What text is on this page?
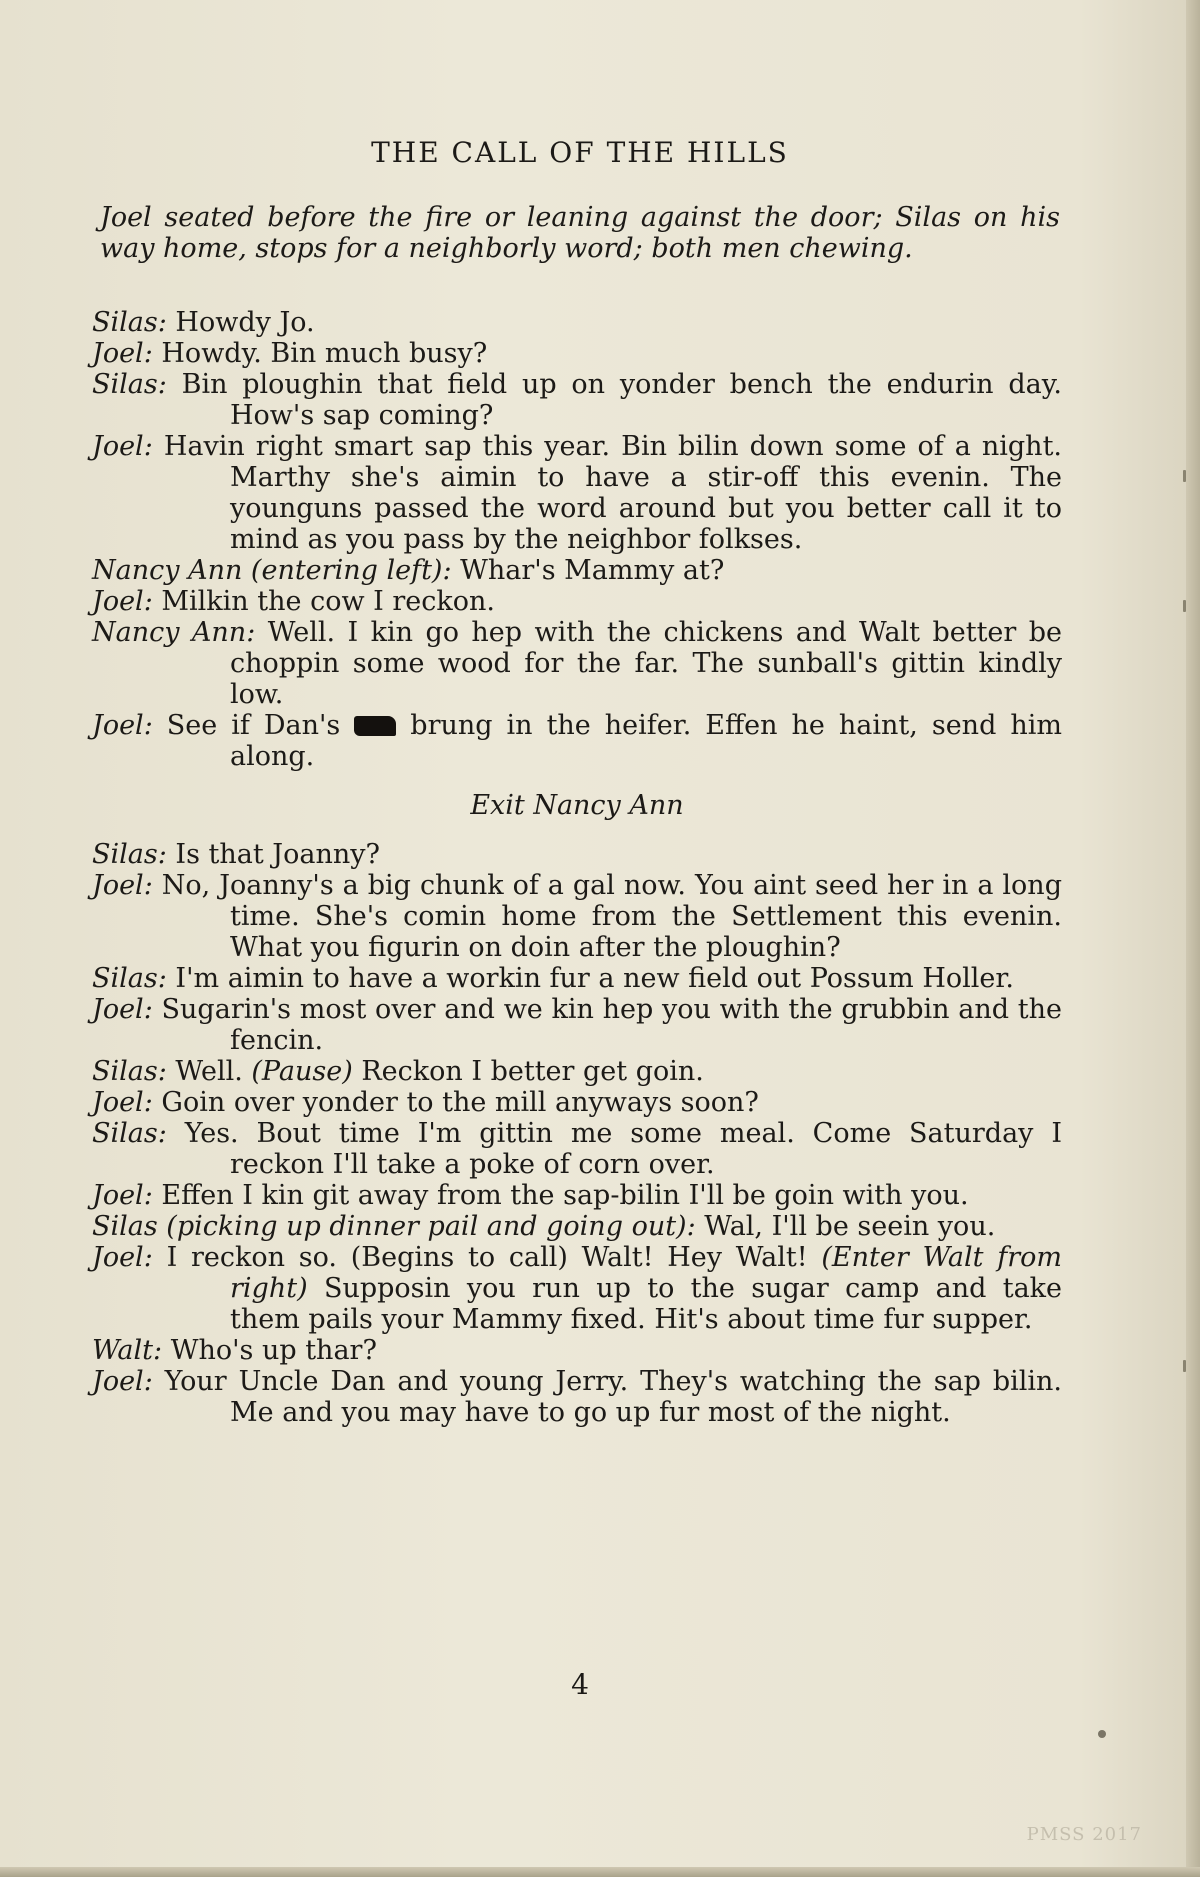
THE CALL OF THE HILLS
Joel seated before the fire or leaning against the door; Silas on his way home, stops for a neighborly word; both men chewing.
Silas: Howdy Jo.
Joel: Howdy. Bin much busy?
Silas: Bin ploughin that field up on yonder bench the endurin day. How's sap coming?
Joel: Havin right smart sap this year. Bin bilin down some of a night. Marthy she's aimin to have a stir-off this evenin. The younguns passed the word around but you better call it to mind as you pass by the neighbor folkses.
Nancy Ann (entering left): Whar's Mammy at?
Joel: Milkin the cow I reckon.
Nancy Ann: Well. I kin go hep with the chickens and Walt better be choppin some wood for the far. The sunball's gittin kindly low.
Joel: See if Dan's  brung in the heifer. Effen he haint, send him along.
Exit Nancy Ann
Silas: Is that Joanny?
Joel: No, Joanny's a big chunk of a gal now. You aint seed her in a long time. She's comin home from the Settlement this evenin. What you figurin on doin after the ploughin?
Silas: I'm aimin to have a workin fur a new field out Possum Holler.
Joel: Sugarin's most over and we kin hep you with the grubbin and the fencin.
Silas: Well. (Pause) Reckon I better get goin.
Joel: Goin over yonder to the mill anyways soon?
Silas: Yes. Bout time I'm gittin me some meal. Come Saturday I reckon I'll take a poke of corn over.
Joel: Effen I kin git away from the sap-bilin I'll be goin with you.
Silas (picking up dinner pail and going out): Wal, I'll be seein you.
Joel: I reckon so. (Begins to call) Walt! Hey Walt! (Enter Walt from right) Supposin you run up to the sugar camp and take them pails your Mammy fixed. Hit's about time fur supper.
Walt: Who's up thar?
Joel: Your Uncle Dan and young Jerry. They's watching the sap bilin. Me and you may have to go up fur most of the night.
4
PMSS 2017
